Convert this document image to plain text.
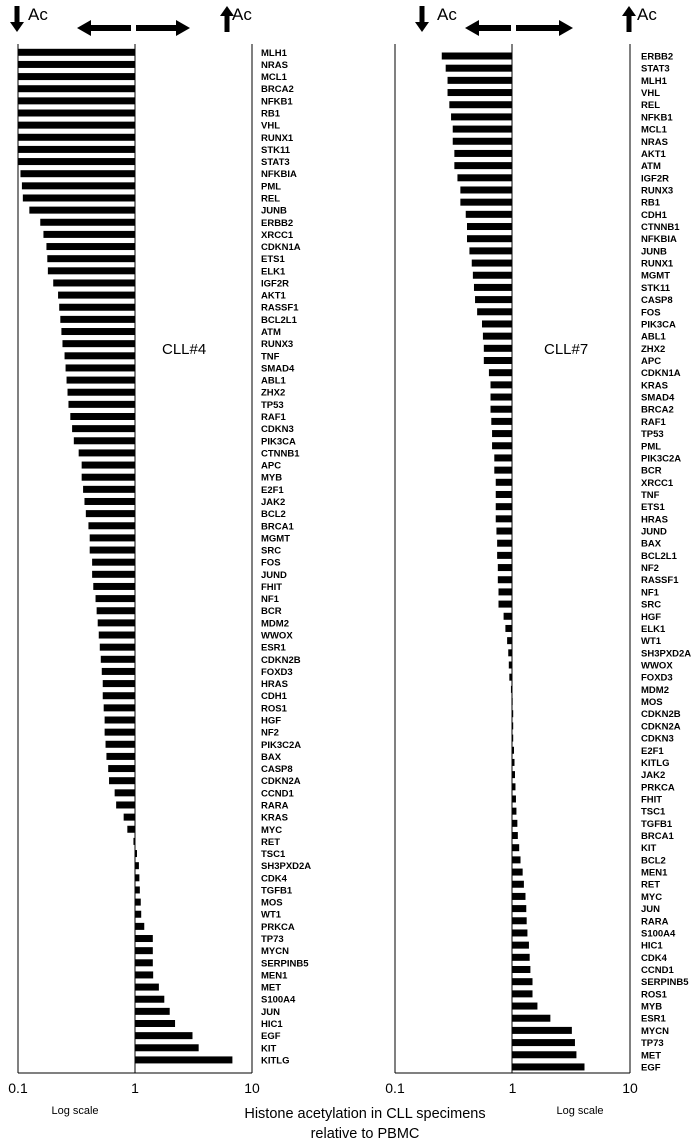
Ac	Ac	Ac	Ac
MLH1
NRAS
MCL1
BRCA2
NFKB1
RB1
VHL
RUNX1
STK11
STAT3
NFKBIA
PML
REL
JUNB
ERBB2
XRCC1
CDKN1A
ETS1
ELK1
IGF2R
AKT1
RASSF1
BCL2L1
ATM
RUNX3
TNF
SMAD4
ABL1
ZHX2
TP53
RAF1
CDKN3
PIK3CA
CTNNB1
APC
MYB
E2F1
JAK2
BCL2
BRCA1
MGMT
SRC
FOS
JUND
FHIT
NF1
BCR
MDM2
WWOX
ESR1
CDKN2B
FOXD3
HRAS
CDH1
ROS1
HGF
NF2
PIK3C2A
BAX
CASP8
CDKN2A
CCND1
RARA
KRAS
MYC
RET
TSC1
SH3PXD2A
CDK4
TGFB1
MOS
WT1
PRKCA
TP73
MYCN
SERPINB5
MEN1
MET
S100A4
JUN
HIC1
EGF
KIT
KITLG
0.1	1	10
CLL#4
Log scale
ERBB2
STAT3
MLH1
VHL
REL
NFKB1
MCL1
NRAS
AKT1
ATM
IGF2R
RUNX3
RB1
CDH1
CTNNB1
NFKBIA
JUNB
RUNX1
MGMT
STK11
CASP8
FOS
PIK3CA
ABL1
ZHX2
APC
CDKN1A
KRAS
SMAD4
BRCA2
RAF1
TP53
PML
PIK3C2A
BCR
XRCC1
TNF
ETS1
HRAS
JUND
BAX
BCL2L1
NF2
RASSF1
NF1
SRC
HGF
ELK1
WT1
SH3PXD2A
WWOX
FOXD3
MDM2
MOS
CDKN2B
CDKN2A
CDKN3
E2F1
KITLG
JAK2
PRKCA
FHIT
TSC1
TGFB1
BRCA1
KIT
BCL2
MEN1
RET
MYC
JUN
RARA
S100A4
HIC1
CDK4
CCND1
SERPINB5
ROS1
MYB
ESR1
MYCN
TP73
MET
EGF
0.1	1	10
CLL#7
Log scale
Histone acetylation in CLL specimens
relative to PBMC
